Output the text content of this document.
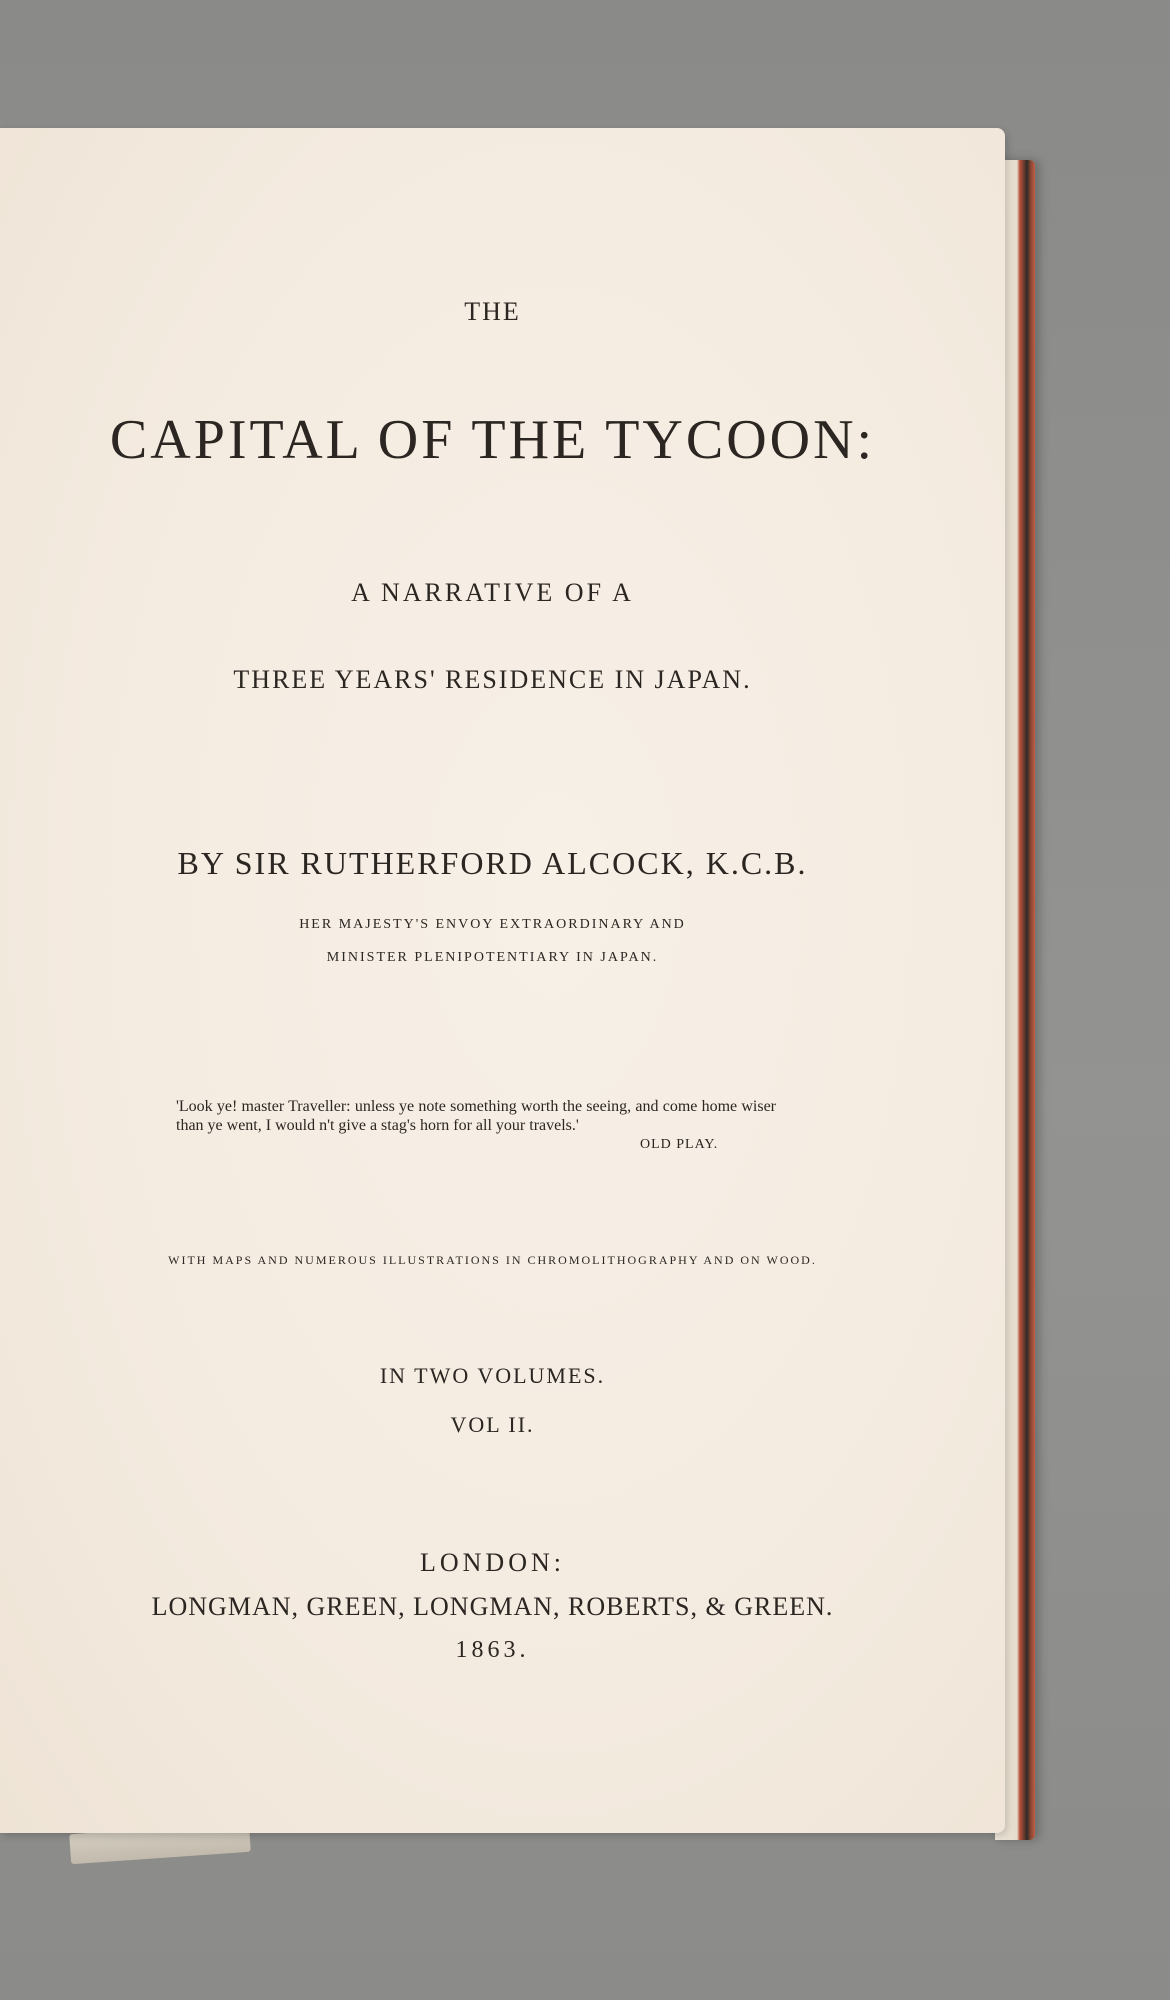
THE

CAPITAL OF THE TYCOON:

A NARRATIVE OF A

THREE YEARS' RESIDENCE IN JAPAN.

BY SIR RUTHERFORD ALCOCK, K.C.B.

HER MAJESTY'S ENVOY EXTRAORDINARY AND

MINISTER PLENIPOTENTIARY IN JAPAN.

'Look ye! master Traveller: unless ye note something worth the seeing, and come home wiser than ye went, I would n't give a stag's horn for all your travels.'
OLD PLAY.

WITH MAPS AND NUMEROUS ILLUSTRATIONS IN CHROMOLITHOGRAPHY AND ON WOOD.

IN TWO VOLUMES.

VOL II.

LONDON:

LONGMAN, GREEN, LONGMAN, ROBERTS, & GREEN.

1863.
